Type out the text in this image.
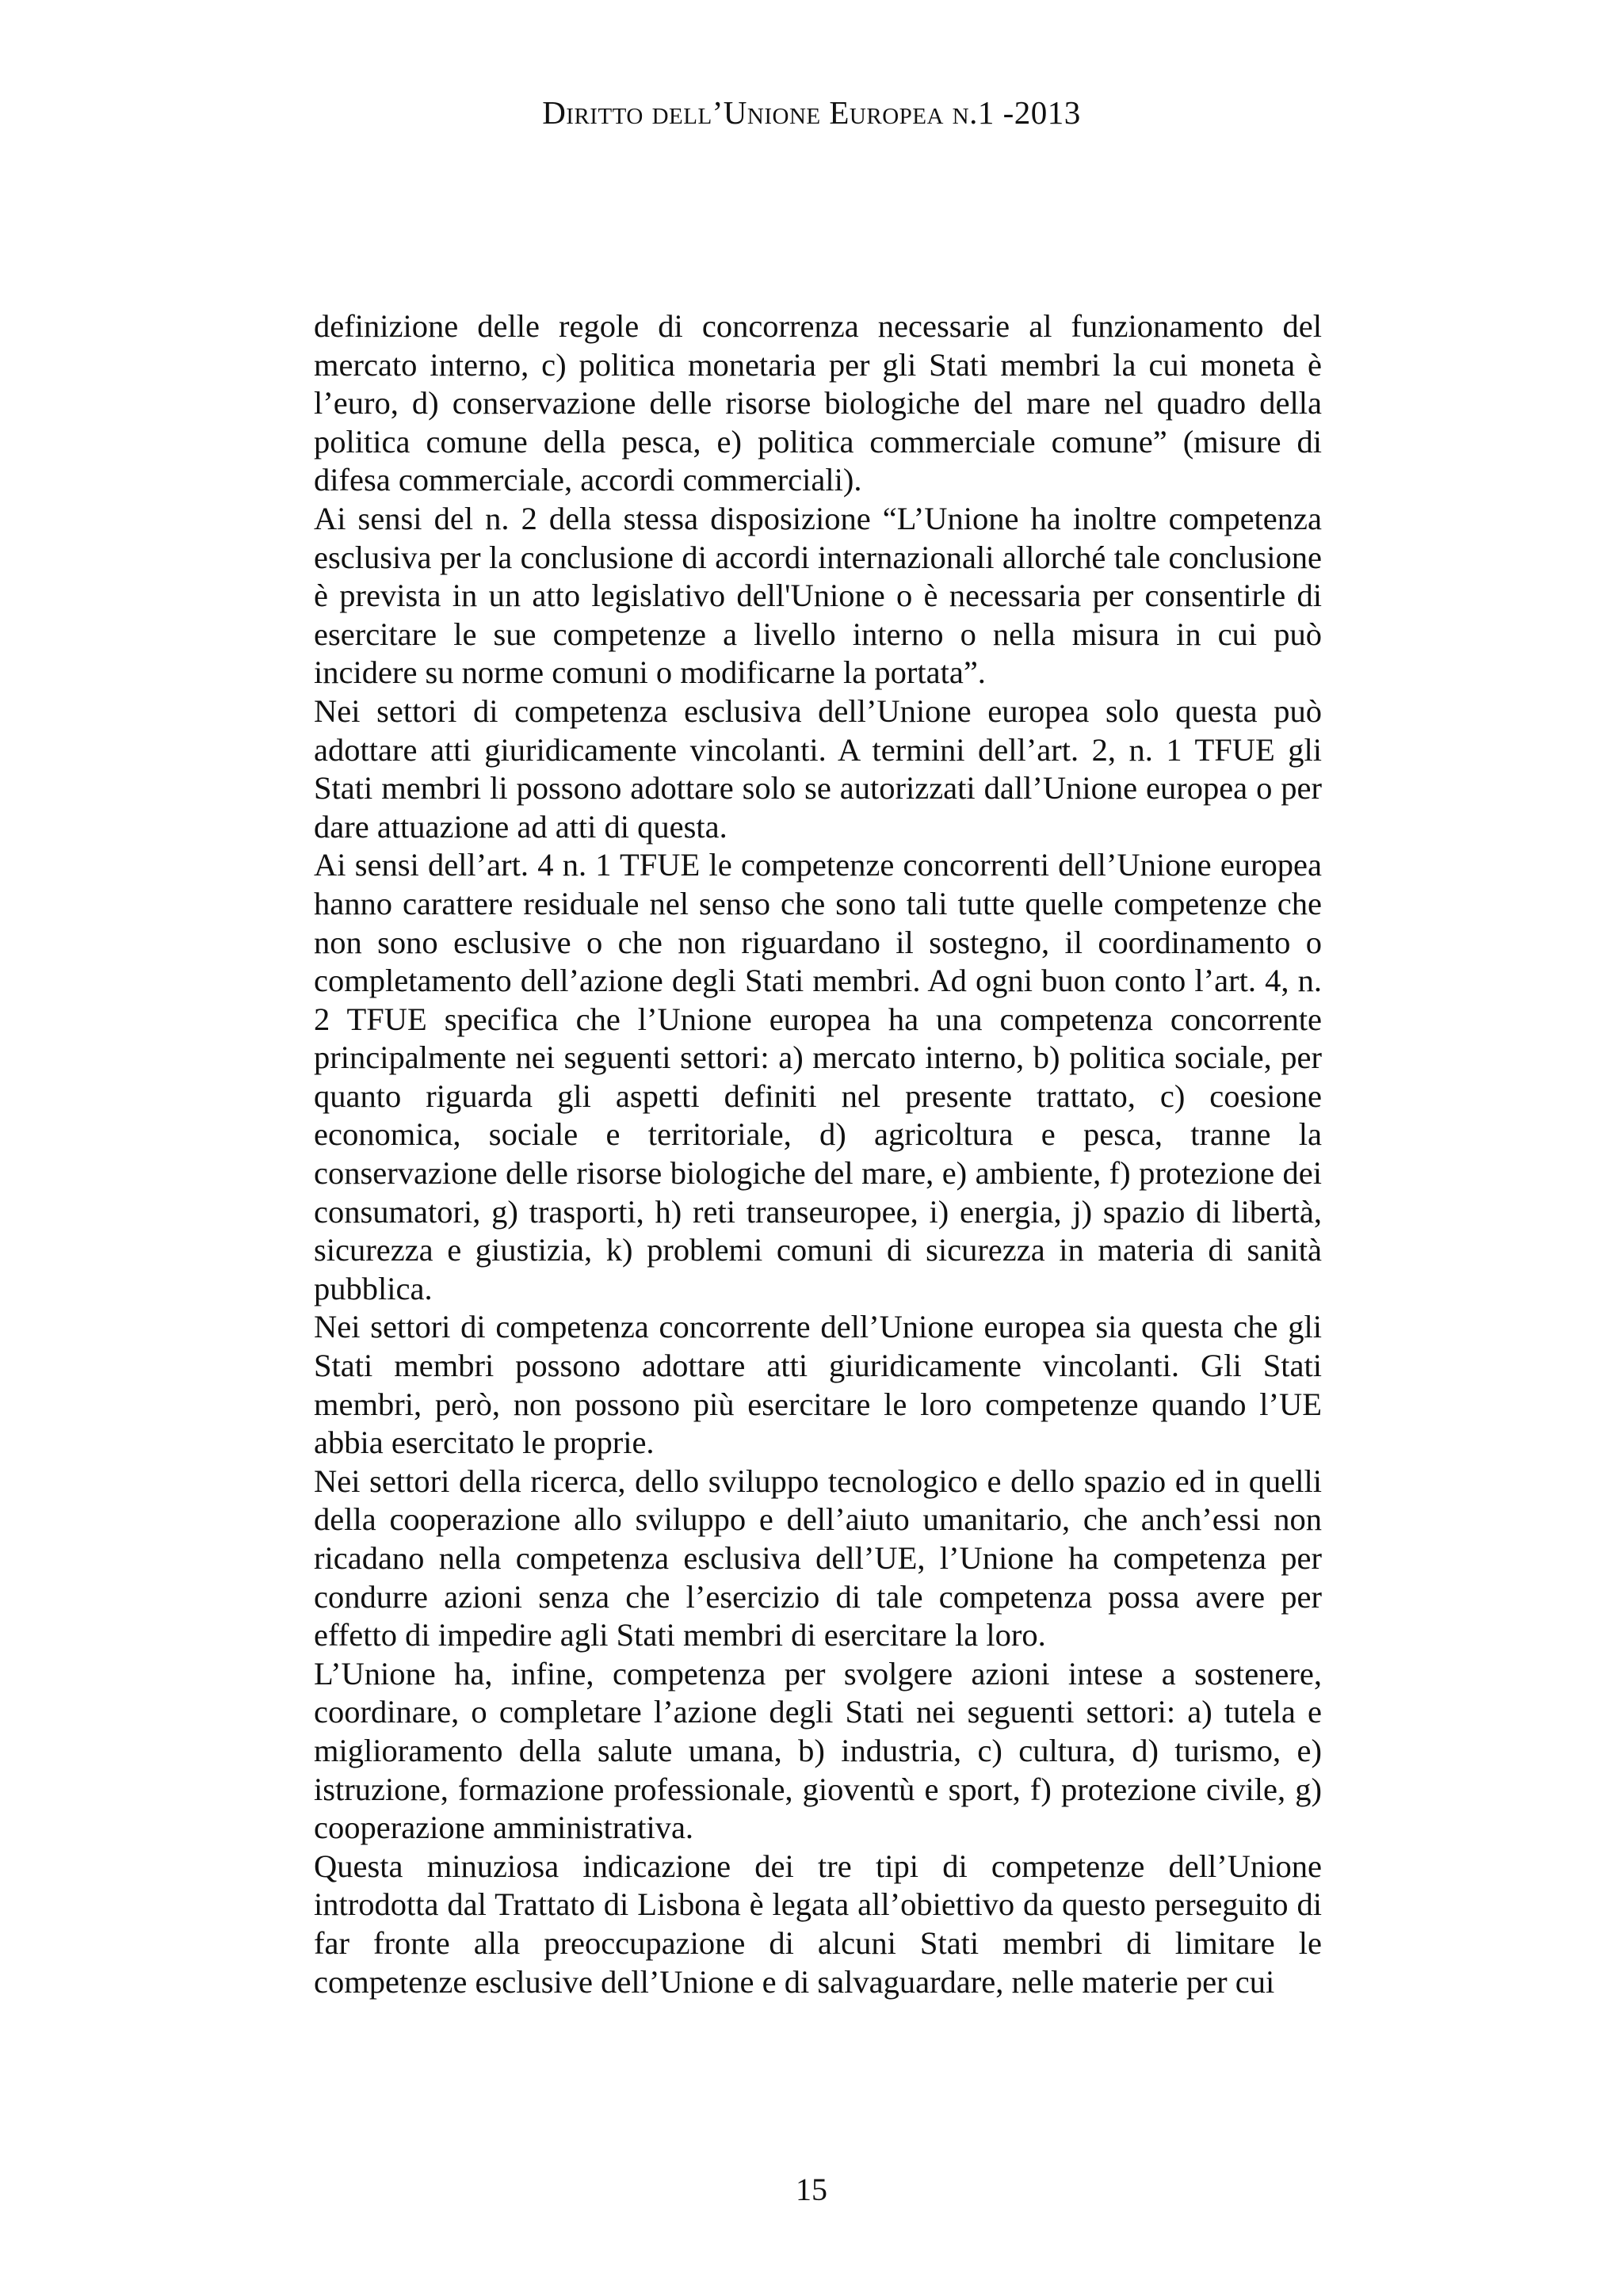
Diritto dell’Unione Europea n.1 -2013

definizione delle regole di concorrenza necessarie al funzionamento del mercato interno, c) politica monetaria per gli Stati membri la cui moneta è l’euro, d) conservazione delle risorse biologiche del mare nel quadro della politica comune della pesca, e) politica commerciale comune” (misure di difesa commerciale, accordi commerciali).

Ai sensi del n. 2 della stessa disposizione “L’Unione ha inoltre competenza esclusiva per la conclusione di accordi internazionali allorché tale conclusione è prevista in un atto legislativo dell'Unione o è necessaria per consentirle di esercitare le sue competenze a livello interno o nella misura in cui può incidere su norme comuni o modificarne la portata”.

Nei settori di competenza esclusiva dell’Unione europea solo questa può adottare atti giuridicamente vincolanti. A termini dell’art. 2, n. 1 TFUE gli Stati membri li possono adottare solo se autorizzati dall’Unione europea o per dare attuazione ad atti di questa.

Ai sensi dell’art. 4 n. 1 TFUE le competenze concorrenti dell’Unione europea hanno carattere residuale nel senso che sono tali tutte quelle competenze che non sono esclusive o che non riguardano il sostegno, il coordinamento o completamento dell’azione degli Stati membri. Ad ogni buon conto l’art. 4, n. 2 TFUE specifica che l’Unione europea ha una competenza concorrente principalmente nei seguenti settori: a) mercato interno, b) politica sociale, per quanto riguarda gli aspetti definiti nel presente trattato, c) coesione economica, sociale e territoriale, d) agricoltura e pesca, tranne la conservazione delle risorse biologiche del mare, e) ambiente, f) protezione dei consumatori, g) trasporti, h) reti transeuropee, i) energia, j) spazio di libertà, sicurezza e giustizia, k) problemi comuni di sicurezza in materia di sanità pubblica.

Nei settori di competenza concorrente dell’Unione europea sia questa che gli Stati membri possono adottare atti giuridicamente vincolanti. Gli Stati membri, però, non possono più esercitare le loro competenze quando l’UE abbia esercitato le proprie.

Nei settori della ricerca, dello sviluppo tecnologico e dello spazio ed in quelli della cooperazione allo sviluppo e dell’aiuto umanitario, che anch’essi non ricadano nella competenza esclusiva dell’UE, l’Unione ha competenza per condurre azioni senza che l’esercizio di tale competenza possa avere per effetto di impedire agli Stati membri di esercitare la loro.

L’Unione ha, infine, competenza per svolgere azioni intese a sostenere, coordinare, o completare l’azione degli Stati nei seguenti settori: a) tutela e miglioramento della salute umana, b) industria, c) cultura, d) turismo, e) istruzione, formazione professionale, gioventù e sport, f) protezione civile, g) cooperazione amministrativa.

Questa minuziosa indicazione dei tre tipi di competenze dell’Unione introdotta dal Trattato di Lisbona è legata all’obiettivo da questo perseguito di far fronte alla preoccupazione di alcuni Stati membri di limitare le competenze esclusive dell’Unione e di salvaguardare, nelle materie per cui

15
